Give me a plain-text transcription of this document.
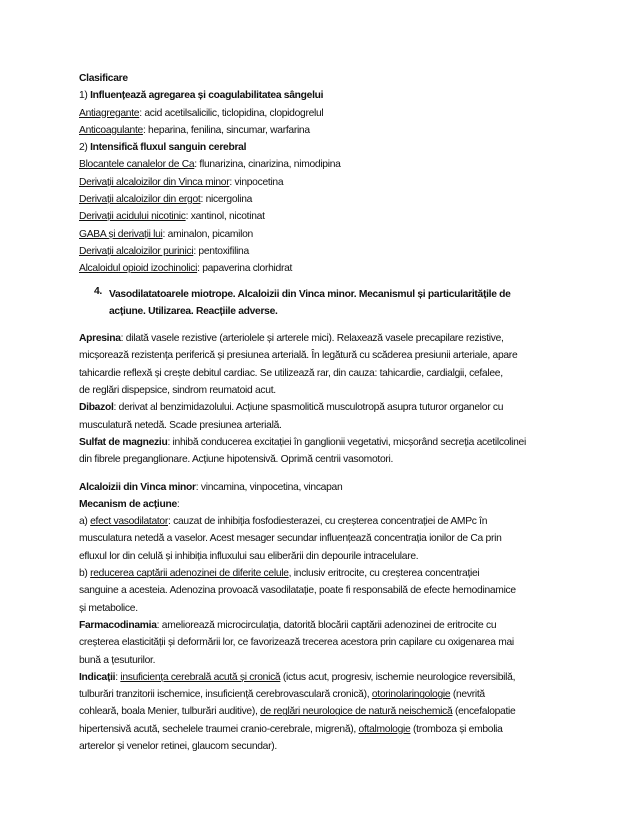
Clasificare
1) Influențează agregarea și coagulabilitatea sângelui
Antiagregante: acid acetilsalicilic, ticlopidina, clopidogrelul
Anticoagulante: heparina, fenilina, sincumar, warfarina
2) Intensifică fluxul sanguin cerebral
Blocantele canalelor de Ca: flunarizina, cinarizina, nimodipina
Derivații alcaloizilor din Vinca minor: vinpocetina
Derivații alcaloizilor din ergot: nicergolina
Derivații acidului nicotinic: xantinol, nicotinat
GABA și derivații lui: aminalon, picamilon
Derivații alcaloizilor purinici: pentoxifilina
Alcaloidul opioid izochinolici: papaverina clorhidrat
4. Vasodilatatoarele miotrope. Alcaloizii din Vinca minor. Mecanismul și particularitățile de
acțiune. Utilizarea. Reacțiile adverse.
Apresina: dilată vasele rezistive (arteriolele și arterele mici). Relaxează vasele precapilare rezistive,
micșorează rezistența periferică și presiunea arterială. În legătură cu scăderea presiunii arteriale, apare
tahicardie reflexă și crește debitul cardiac. Se utilizează rar, din cauza: tahicardie, cardialgii, cefalee,
de reglări dispepsice, sindrom reumatoid acut.
Dibazol: derivat al benzimidazolului. Acțiune spasmolitică musculotropă asupra tuturor organelor cu
musculatură netedă. Scade presiunea arterială.
Sulfat de magneziu: inhibă conducerea excitației în ganglionii vegetativi, micșorând secreția acetilcolinei
din fibrele preganglionare. Acțiune hipotensivă. Oprimă centrii vasomotori.
Alcaloizii din Vinca minor: vincamina, vinpocetina, vincapan
Mecanism de acțiune:
a) efect vasodilatator: cauzat de inhibiția fosfodiesterazei, cu creșterea concentrației de AMPc în
musculatura netedă a vaselor. Acest mesager secundar influențează concentrația ionilor de Ca prin
efluxul lor din celulă și inhibiția influxului sau eliberării din depourile intracelulare.
b) reducerea captării adenozinei de diferite celule, inclusiv eritrocite, cu creșterea concentrației
sanguine a acesteia. Adenozina provoacă vasodilatație, poate fi responsabilă de efecte hemodinamice
și metabolice.
Farmacodinamia: ameliorează microcirculația, datorită blocării captării adenozinei de eritrocite cu
creșterea elasticității și deformării lor, ce favorizează trecerea acestora prin capilare cu oxigenarea mai
bună a țesuturilor.
Indicații: insuficiența cerebrală acută și cronică (ictus acut, progresiv, ischemie neurologice reversibilă,
tulburări tranzitorii ischemice, insuficiență cerebrovasculară cronică), otorinolaringologie (nevrită
cohleară, boala Menier, tulburări auditive), de reglări neurologice de natură neischemică (encefalopatie
hipertensivă acută, sechelele traumei cranio-cerebrale, migrenă), oftalmologie (tromboza și embolia
arterelor și venelor retinei, glaucom secundar).
